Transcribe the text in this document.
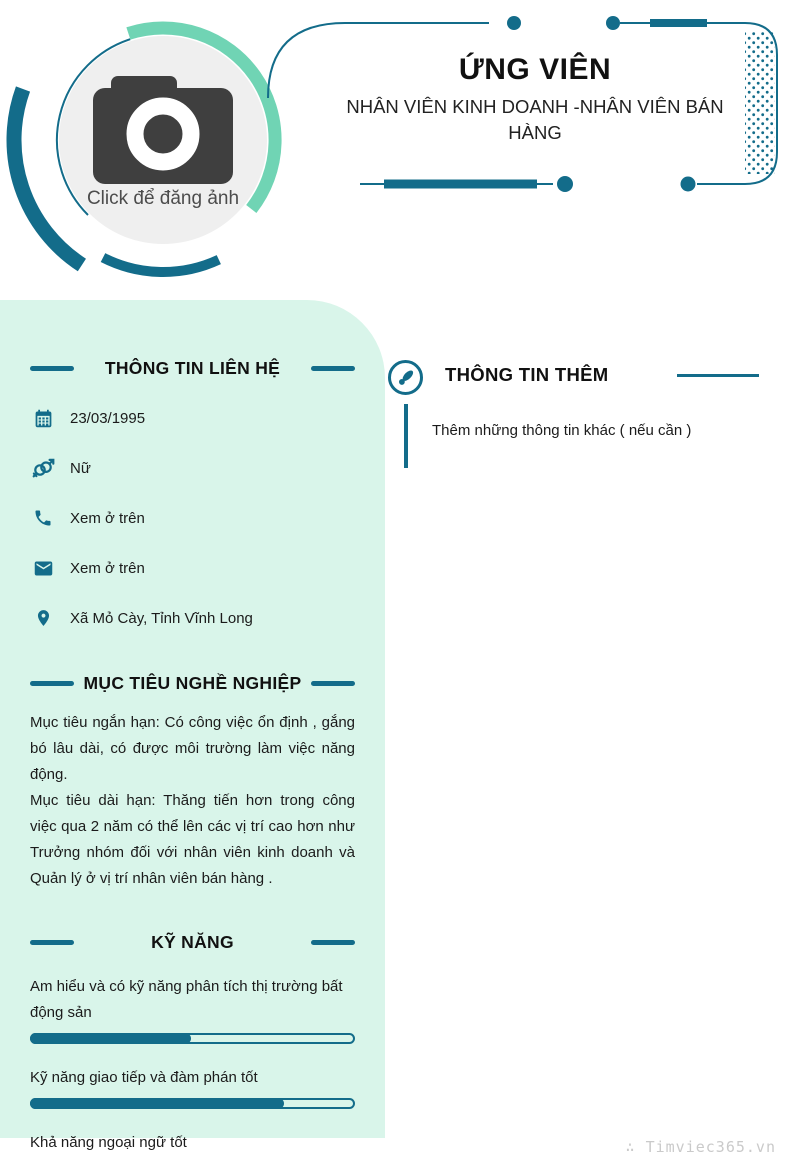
Click để đăng ảnh
ỨNG VIÊN
NHÂN VIÊN KINH DOANH -NHÂN VIÊN BÁN HÀNG
THÔNG TIN LIÊN HỆ
23/03/1995
Nữ
Xem ở trên
Xem ở trên
Xã Mỏ Cày, Tỉnh Vĩnh Long
MỤC TIÊU NGHỀ NGHIỆP

Mục tiêu ngắn hạn: Có công việc ổn định , gắng bó lâu dài, có được môi trường làm việc năng động.

Mục tiêu dài hạn: Thăng tiến hơn trong công việc qua 2 năm có thể lên các vị trí cao hơn như Trưởng nhóm đối với nhân viên kinh doanh và Quản lý ở vị trí nhân viên bán hàng .

KỸ NĂNG
Am hiểu và có kỹ năng phân tích thị trường bất động sản
Kỹ năng giao tiếp và đàm phán tốt
Khả năng ngoại ngữ tốt
THÔNG TIN THÊM

Thêm những thông tin khác ( nếu cần )

∴ Timviec365.vn
